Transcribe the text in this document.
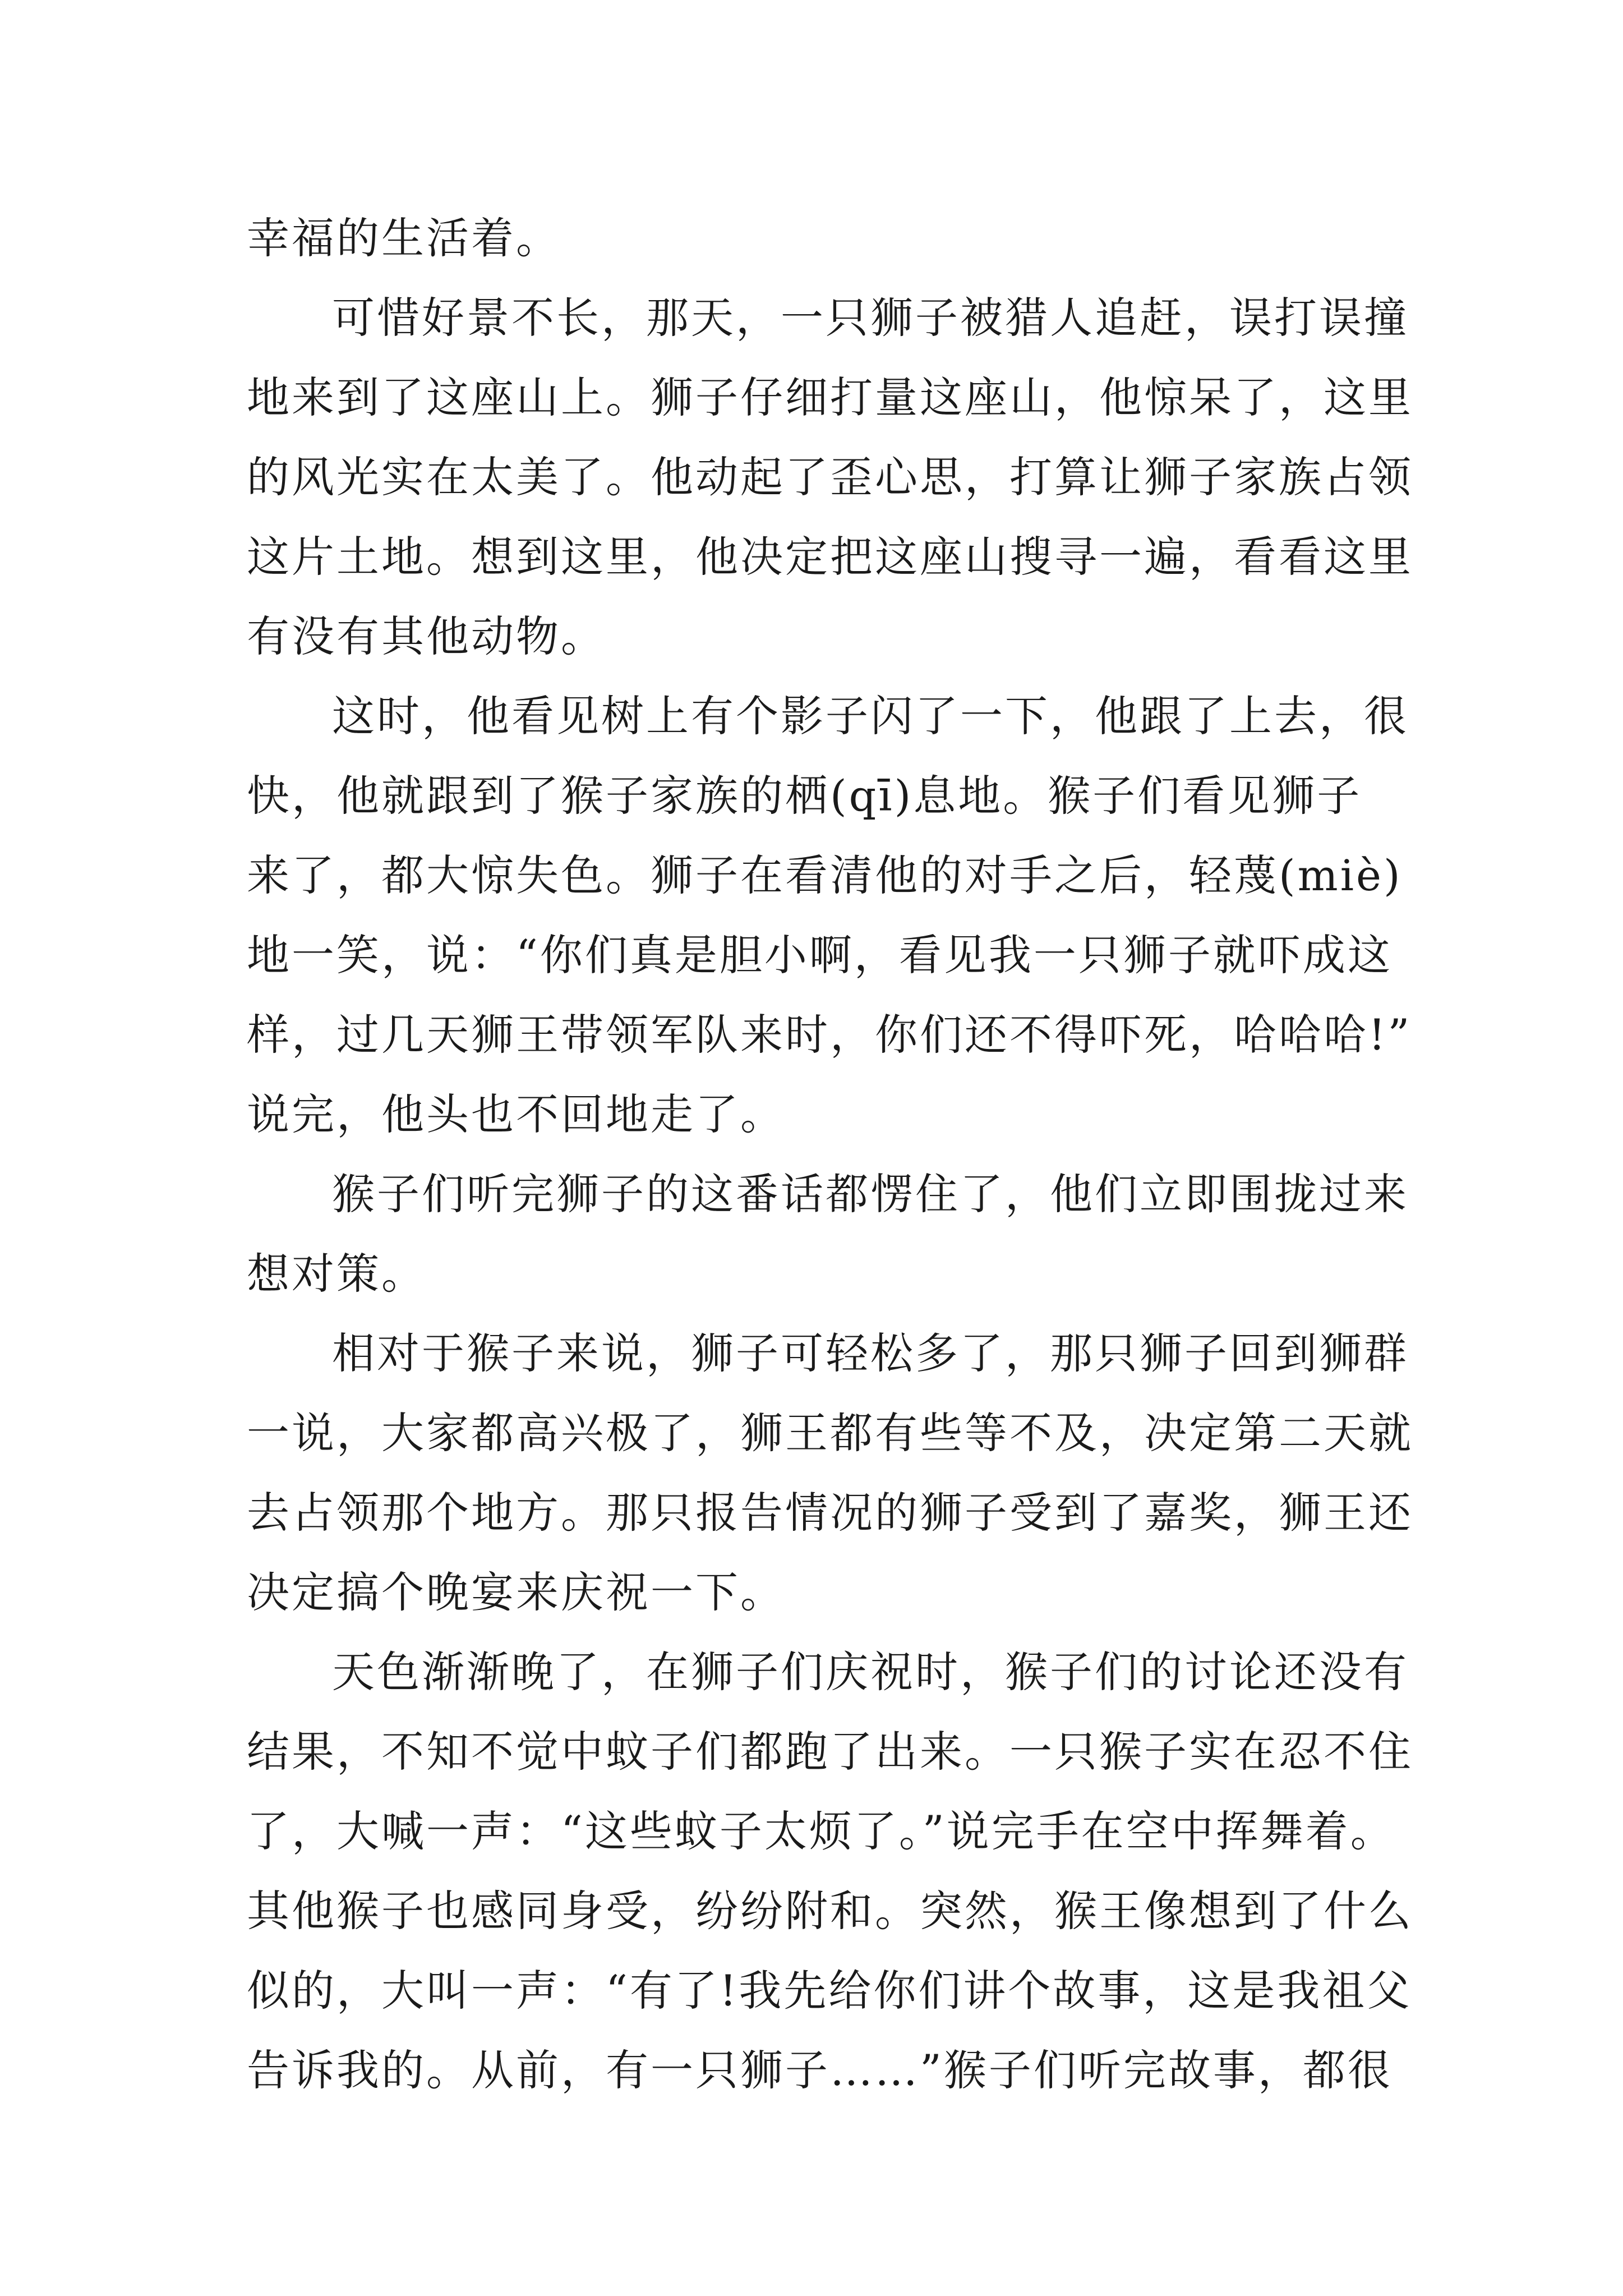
幸福的生活着。
可惜好景不长，那天，一只狮子被猎人追赶，误打误撞
地来到了这座山上。狮子仔细打量这座山，他惊呆了，这里
的风光实在太美了。他动起了歪心思，打算让狮子家族占领
这片土地。想到这里，他决定把这座山搜寻一遍，看看这里
有没有其他动物。
这时，他看见树上有个影子闪了一下，他跟了上去，很
快，他就跟到了猴子家族的栖(qī)息地。猴子们看见狮子
来了，都大惊失色。狮子在看清他的对手之后，轻蔑(miè)
地一笑，说：“你们真是胆小啊，看见我一只狮子就吓成这
样，过几天狮王带领军队来时，你们还不得吓死，哈哈哈!”
说完，他头也不回地走了。
猴子们听完狮子的这番话都愣住了，他们立即围拢过来
想对策。
相对于猴子来说，狮子可轻松多了，那只狮子回到狮群
一说，大家都高兴极了，狮王都有些等不及，决定第二天就
去占领那个地方。那只报告情况的狮子受到了嘉奖，狮王还
决定搞个晚宴来庆祝一下。
天色渐渐晚了，在狮子们庆祝时，猴子们的讨论还没有
结果，不知不觉中蚊子们都跑了出来。一只猴子实在忍不住
了，大喊一声：“这些蚊子太烦了。”说完手在空中挥舞着。
其他猴子也感同身受，纷纷附和。突然，猴王像想到了什么
似的，大叫一声：“有了!我先给你们讲个故事，这是我祖父
告诉我的。从前，有一只狮子……”猴子们听完故事，都很
